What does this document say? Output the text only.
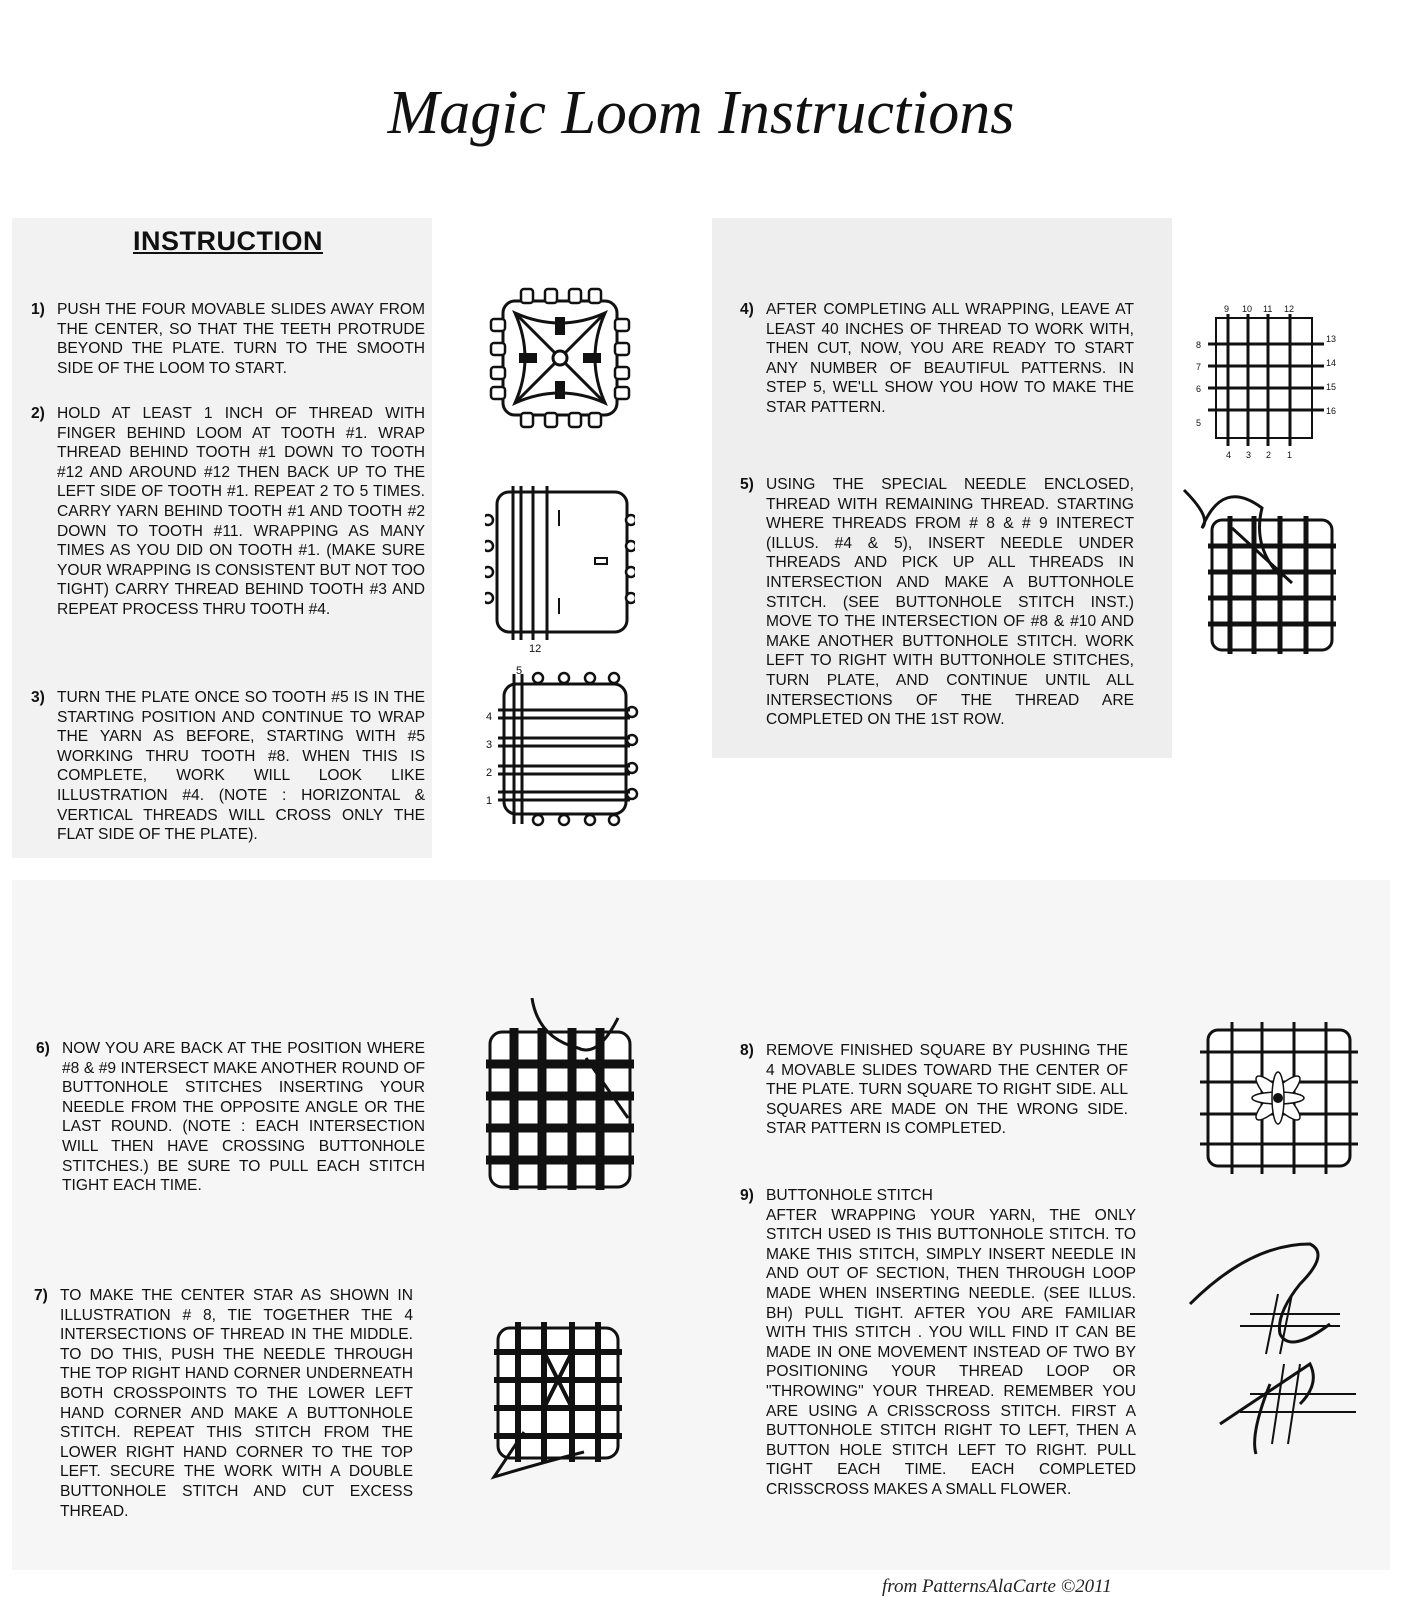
Magic Loom Instructions
INSTRUCTION
1) PUSH THE FOUR MOVABLE SLIDES AWAY FROM THE CENTER, SO THAT THE TEETH PROTRUDE BEYOND THE PLATE. TURN TO THE SMOOTH SIDE OF THE LOOM TO START.
2) HOLD AT LEAST 1 INCH OF THREAD WITH FINGER BEHIND LOOM AT TOOTH #1. WRAP THREAD BEHIND TOOTH #1 DOWN TO TOOTH #12 AND AROUND #12 THEN BACK UP TO THE LEFT SIDE OF TOOTH #1. REPEAT 2 TO 5 TIMES. CARRY YARN BEHIND TOOTH #1 AND TOOTH #2 DOWN TO TOOTH #11. WRAPPING AS MANY TIMES AS YOU DID ON TOOTH #1. (MAKE SURE YOUR WRAPPING IS CONSISTENT BUT NOT TOO TIGHT) CARRY THREAD BEHIND TOOTH #3 AND REPEAT PROCESS THRU TOOTH #4.
3) TURN THE PLATE ONCE SO TOOTH #5 IS IN THE STARTING POSITION AND CONTINUE TO WRAP THE YARN AS BEFORE, STARTING WITH #5 WORKING THRU TOOTH #8. WHEN THIS IS COMPLETE, WORK WILL LOOK LIKE ILLUSTRATION #4. (NOTE : HORIZONTAL & VERTICAL THREADS WILL CROSS ONLY THE FLAT SIDE OF THE PLATE).
4) AFTER COMPLETING ALL WRAPPING, LEAVE AT LEAST 40 INCHES OF THREAD TO WORK WITH, THEN CUT, NOW, YOU ARE READY TO START ANY NUMBER OF BEAUTIFUL PATTERNS. IN STEP 5, WE'LL SHOW YOU HOW TO MAKE THE STAR PATTERN.
5) USING THE SPECIAL NEEDLE ENCLOSED, THREAD WITH REMAINING THREAD. STARTING WHERE THREADS FROM # 8 & # 9 INTERECT (ILLUS. #4 & 5), INSERT NEEDLE UNDER THREADS AND PICK UP ALL THREADS IN INTERSECTION AND MAKE A BUTTONHOLE STITCH. (SEE BUTTONHOLE STITCH INST.) MOVE TO THE INTERSECTION OF #8 & #10 AND MAKE ANOTHER BUTTONHOLE STITCH. WORK LEFT TO RIGHT WITH BUTTONHOLE STITCHES, TURN PLATE, AND CONTINUE UNTIL ALL INTERSECTIONS OF THE THREAD ARE COMPLETED ON THE 1ST ROW.
6) NOW YOU ARE BACK AT THE POSITION WHERE #8 & #9 INTERSECT MAKE ANOTHER ROUND OF BUTTONHOLE STITCHES INSERTING YOUR NEEDLE FROM THE OPPOSITE ANGLE OR THE LAST ROUND. (NOTE : EACH INTERSECTION WILL THEN HAVE CROSSING BUTTONHOLE STITCHES.) BE SURE TO PULL EACH STITCH TIGHT EACH TIME.
7) TO MAKE THE CENTER STAR AS SHOWN IN ILLUSTRATION # 8, TIE TOGETHER THE 4 INTERSECTIONS OF THREAD IN THE MIDDLE. TO DO THIS, PUSH THE NEEDLE THROUGH THE TOP RIGHT HAND CORNER UNDERNEATH BOTH CROSSPOINTS TO THE LOWER LEFT HAND CORNER AND MAKE A BUTTONHOLE STITCH. REPEAT THIS STITCH FROM THE LOWER RIGHT HAND CORNER TO THE TOP LEFT. SECURE THE WORK WITH A DOUBLE BUTTONHOLE STITCH AND CUT EXCESS THREAD.
8) REMOVE FINISHED SQUARE BY PUSHING THE 4 MOVABLE SLIDES TOWARD THE CENTER OF THE PLATE. TURN SQUARE TO RIGHT SIDE. ALL SQUARES ARE MADE ON THE WRONG SIDE. STAR PATTERN IS COMPLETED.
9) BUTTONHOLE STITCH
AFTER WRAPPING YOUR YARN, THE ONLY STITCH USED IS THIS BUTTONHOLE STITCH. TO MAKE THIS STITCH, SIMPLY INSERT NEEDLE IN AND OUT OF SECTION, THEN THROUGH LOOP MADE WHEN INSERTING NEEDLE. (SEE ILLUS. BH) PULL TIGHT. AFTER YOU ARE FAMILIAR WITH THIS STITCH . YOU WILL FIND IT CAN BE MADE IN ONE MOVEMENT INSTEAD OF TWO BY POSITIONING YOUR THREAD LOOP OR "THROWING" YOUR THREAD. REMEMBER YOU ARE USING A CRISSCROSS STITCH. FIRST A BUTTONHOLE STITCH RIGHT TO LEFT, THEN A BUTTON HOLE STITCH LEFT TO RIGHT. PULL TIGHT EACH TIME. EACH COMPLETED CRISSCROSS MAKES A SMALL FLOWER.
12
5
4
3
2
1
9 10 11 12
13
14
15
16
4 3 2 1
8
7
6
5
from PatternsAlaCarte ©2011
